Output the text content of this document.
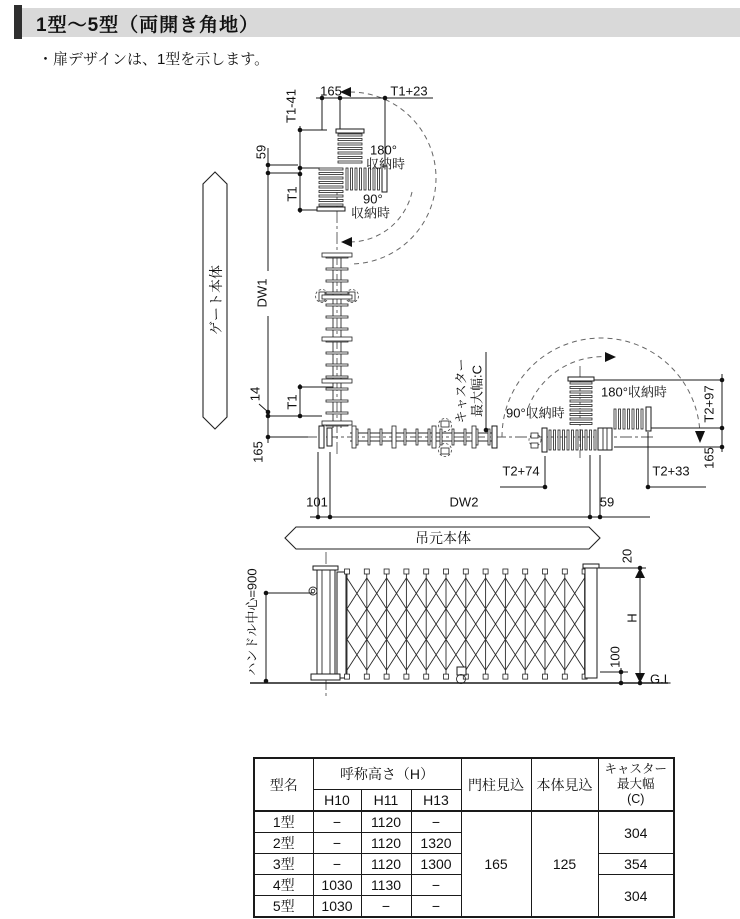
1型〜5型（両開き角地）
・扉デザインは、1型を示します。
ゲート本体
吊元本体
165	T1+23
T1-41
59
T1
DW1
14
T1
165
101	DW2	59
T2+74	T2+33
T2+97
165
キャスター 最大幅:C
180°
収納時
90°
収納時
90°収納時
180°収納時
ハンドル中心=900
20
H
100
G.L
型名	呼称高さ（H）			門柱見込	本体見込	キャスター
最大幅
(C)

	H10	H11	H13			
1型	−	1120	−	165	125	304
2型	−	1120	1320			
3型	−	1120	1300			354
4型	1030	1130	−			304
5型	1030	−	−			
